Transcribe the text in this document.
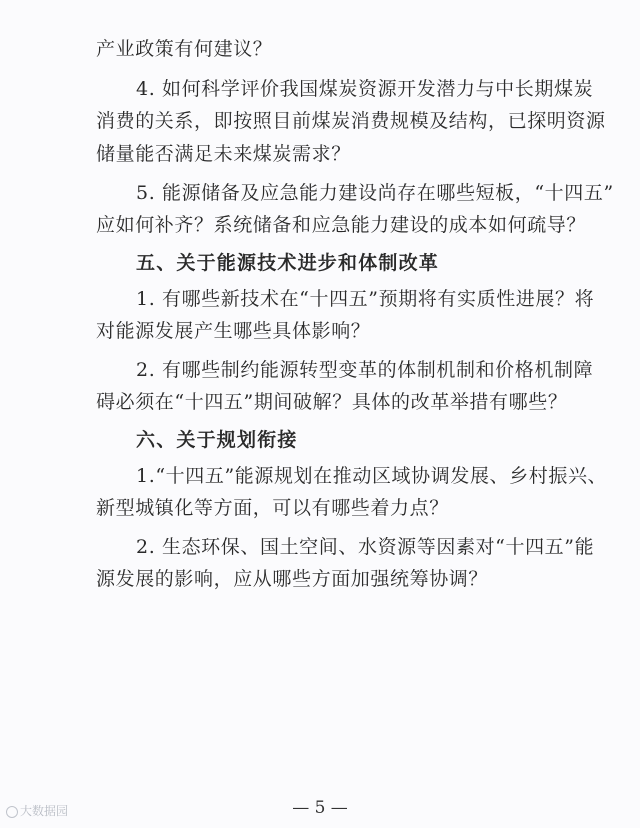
产业政策有何建议？
4. 如何科学评价我国煤炭资源开发潜力与中长期煤炭
消费的关系，即按照目前煤炭消费规模及结构，已探明资源
储量能否满足未来煤炭需求？
5. 能源储备及应急能力建设尚存在哪些短板，“十四五”
应如何补齐？系统储备和应急能力建设的成本如何疏导？
五、关于能源技术进步和体制改革
1. 有哪些新技术在“十四五”预期将有实质性进展？将
对能源发展产生哪些具体影响？
2. 有哪些制约能源转型变革的体制机制和价格机制障
碍必须在“十四五”期间破解？具体的改革举措有哪些？
六、关于规划衔接
1.“十四五”能源规划在推动区域协调发展、乡村振兴、
新型城镇化等方面，可以有哪些着力点？
2. 生态环保、国土空间、水资源等因素对“十四五”能
源发展的影响，应从哪些方面加强统筹协调？
— 5 —
大数据园
